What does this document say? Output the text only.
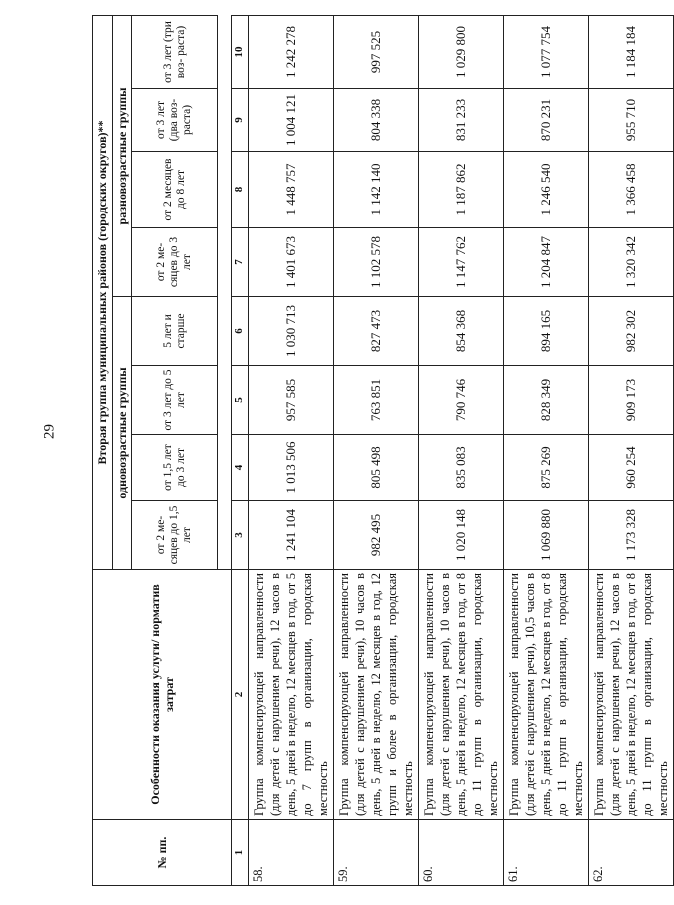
29
№ пп.	Особенности оказания услуги/ норматив затрат	Вторая группа муниципальных районов (городских округов)**							
		одновозрастные группы				разновозрастные группы			
		от 2 ме- сяцев до 1,5 лет	от 1,5 лет до 3 лет	от 3 лет до 5 лет	5 лет и старше	от 2 ме- сяцев до 3 лет	от 2 месяцев до 8 лет	от 3 лет (два воз- раста)	от 3 лет (три воз- раста)

1	2	3	4	5	6	7	8	9	10
58.	Группа компенсирующей направленности (для детей с нарушением речи), 12 часов в день, 5 дней в неделю, 12 месяцев в год, от 5 до 7 групп в организации, городская местность	1 241 104	1 013 506	957 585	1 030 713	1 401 673	1 448 757	1 004 121	1 242 278
59.	Группа компенсирующей направленности (для детей с нарушением речи), 10 часов в день, 5 дней в неделю, 12 месяцев в год, 12 групп и более в организации, городская местность	982 495	805 498	763 851	827 473	1 102 578	1 142 140	804 338	997 525
60.	Группа компенсирующей направленности (для детей с нарушением речи), 10 часов в день, 5 дней в неделю, 12 месяцев в год, от 8 до 11 групп в организации, городская местность	1 020 148	835 083	790 746	854 368	1 147 762	1 187 862	831 233	1 029 800
61.	Группа компенсирующей направленности (для детей с нарушением речи), 10,5 часов в день, 5 дней в неделю, 12 месяцев в год, от 8 до 11 групп в организации, городская местность	1 069 880	875 269	828 349	894 165	1 204 847	1 246 540	870 231	1 077 754
62.	Группа компенсирующей направленности (для детей с нарушением речи), 12 часов в день, 5 дней в неделю, 12 месяцев в год, от 8 до 11 групп в организации, городская местность	1 173 328	960 254	909 173	982 302	1 320 342	1 366 458	955 710	1 184 184
